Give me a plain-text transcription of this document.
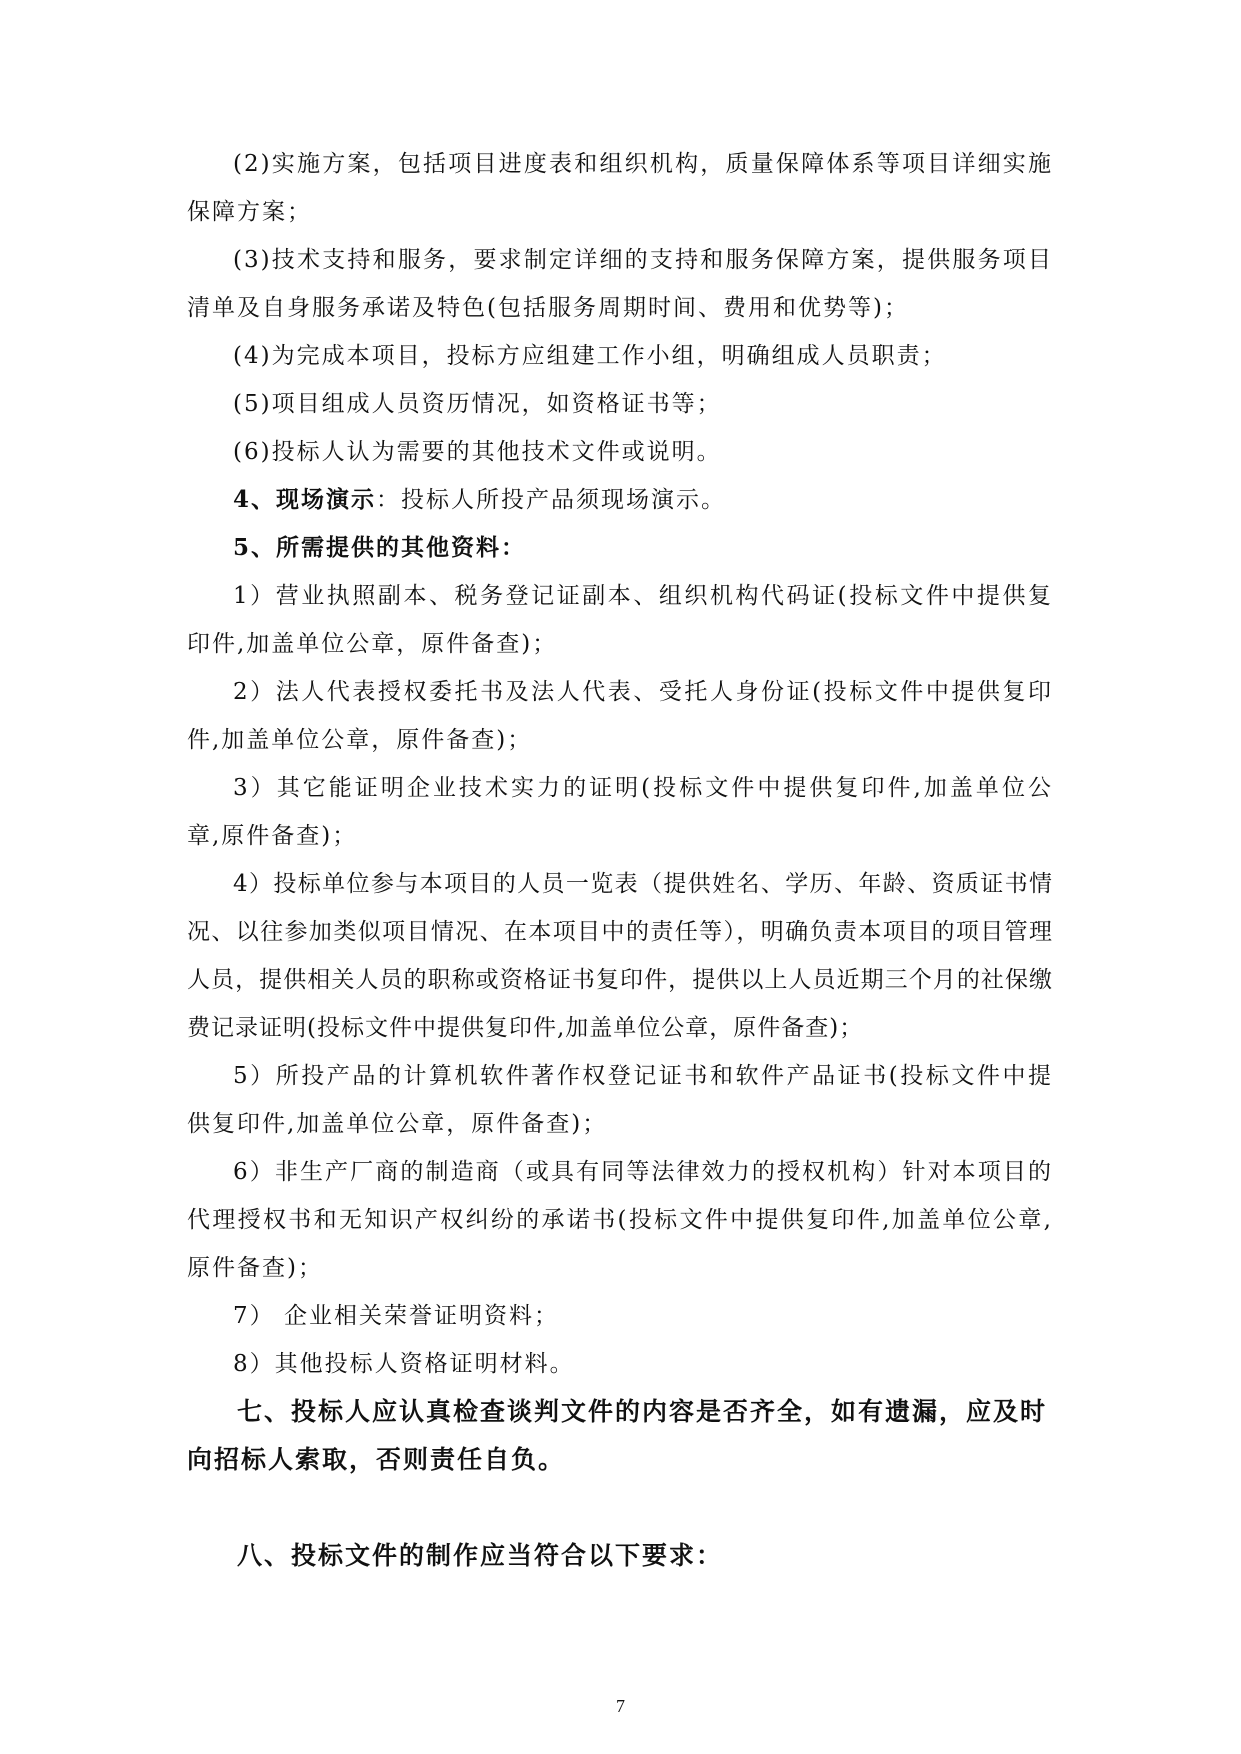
(2)实施方案，包括项目进度表和组织机构，质量保障体系等项目详细实施保障方案；

(3)技术支持和服务，要求制定详细的支持和服务保障方案，提供服务项目清单及自身服务承诺及特色(包括服务周期时间、费用和优势等)；

(4)为完成本项目，投标方应组建工作小组，明确组成人员职责；

(5)项目组成人员资历情况，如资格证书等；

(6)投标人认为需要的其他技术文件或说明。

4、现场演示：投标人所投产品须现场演示。

5、所需提供的其他资料：

1）营业执照副本、税务登记证副本、组织机构代码证(投标文件中提供复印件,加盖单位公章，原件备查)；

2）法人代表授权委托书及法人代表、受托人身份证(投标文件中提供复印件,加盖单位公章，原件备查)；

3）其它能证明企业技术实力的证明(投标文件中提供复印件,加盖单位公章,原件备查)；

4）投标单位参与本项目的人员一览表（提供姓名、学历、年龄、资质证书情况、以往参加类似项目情况、在本项目中的责任等），明确负责本项目的项目管理人员，提供相关人员的职称或资格证书复印件，提供以上人员近期三个月的社保缴费记录证明(投标文件中提供复印件,加盖单位公章，原件备查)；

5）所投产品的计算机软件著作权登记证书和软件产品证书(投标文件中提供复印件,加盖单位公章，原件备查)；

6）非生产厂商的制造商（或具有同等法律效力的授权机构）针对本项目的代理授权书和无知识产权纠纷的承诺书(投标文件中提供复印件,加盖单位公章,原件备查)；

7） 企业相关荣誉证明资料；

8）其他投标人资格证明材料。

七、投标人应认真检查谈判文件的内容是否齐全，如有遗漏，应及时向招标人索取，否则责任自负。

八、投标文件的制作应当符合以下要求：

7
